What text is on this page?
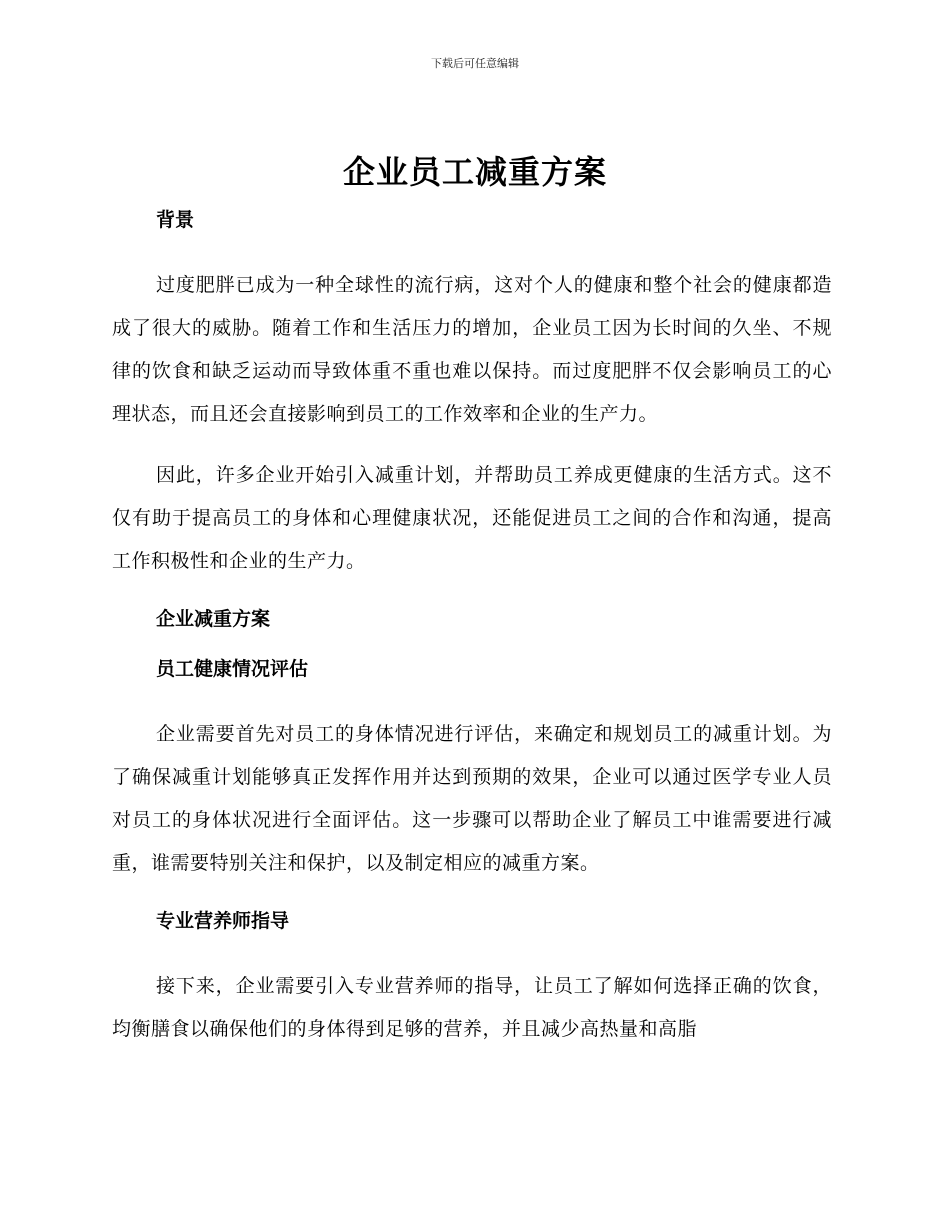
下载后可任意编辑
企业员工减重方案
背景

过度肥胖已成为一种全球性的流行病，这对个人的健康和整个社会的健康都造成了很大的威胁。随着工作和生活压力的增加，企业员工因为长时间的久坐、不规律的饮食和缺乏运动而导致体重不重也难以保持。而过度肥胖不仅会影响员工的心理状态，而且还会直接影响到员工的工作效率和企业的生产力。

因此，许多企业开始引入减重计划，并帮助员工养成更健康的生活方式。这不仅有助于提高员工的身体和心理健康状况，还能促进员工之间的合作和沟通，提高工作积极性和企业的生产力。

企业减重方案
员工健康情况评估

企业需要首先对员工的身体情况进行评估，来确定和规划员工的减重计划。为了确保减重计划能够真正发挥作用并达到预期的效果，企业可以通过医学专业人员对员工的身体状况进行全面评估。这一步骤可以帮助企业了解员工中谁需要进行减重，谁需要特别关注和保护，以及制定相应的减重方案。

专业营养师指导

接下来，企业需要引入专业营养师的指导，让员工了解如何选择正确的饮食，均衡膳食以确保他们的身体得到足够的营养，并且减少高热量和高脂
